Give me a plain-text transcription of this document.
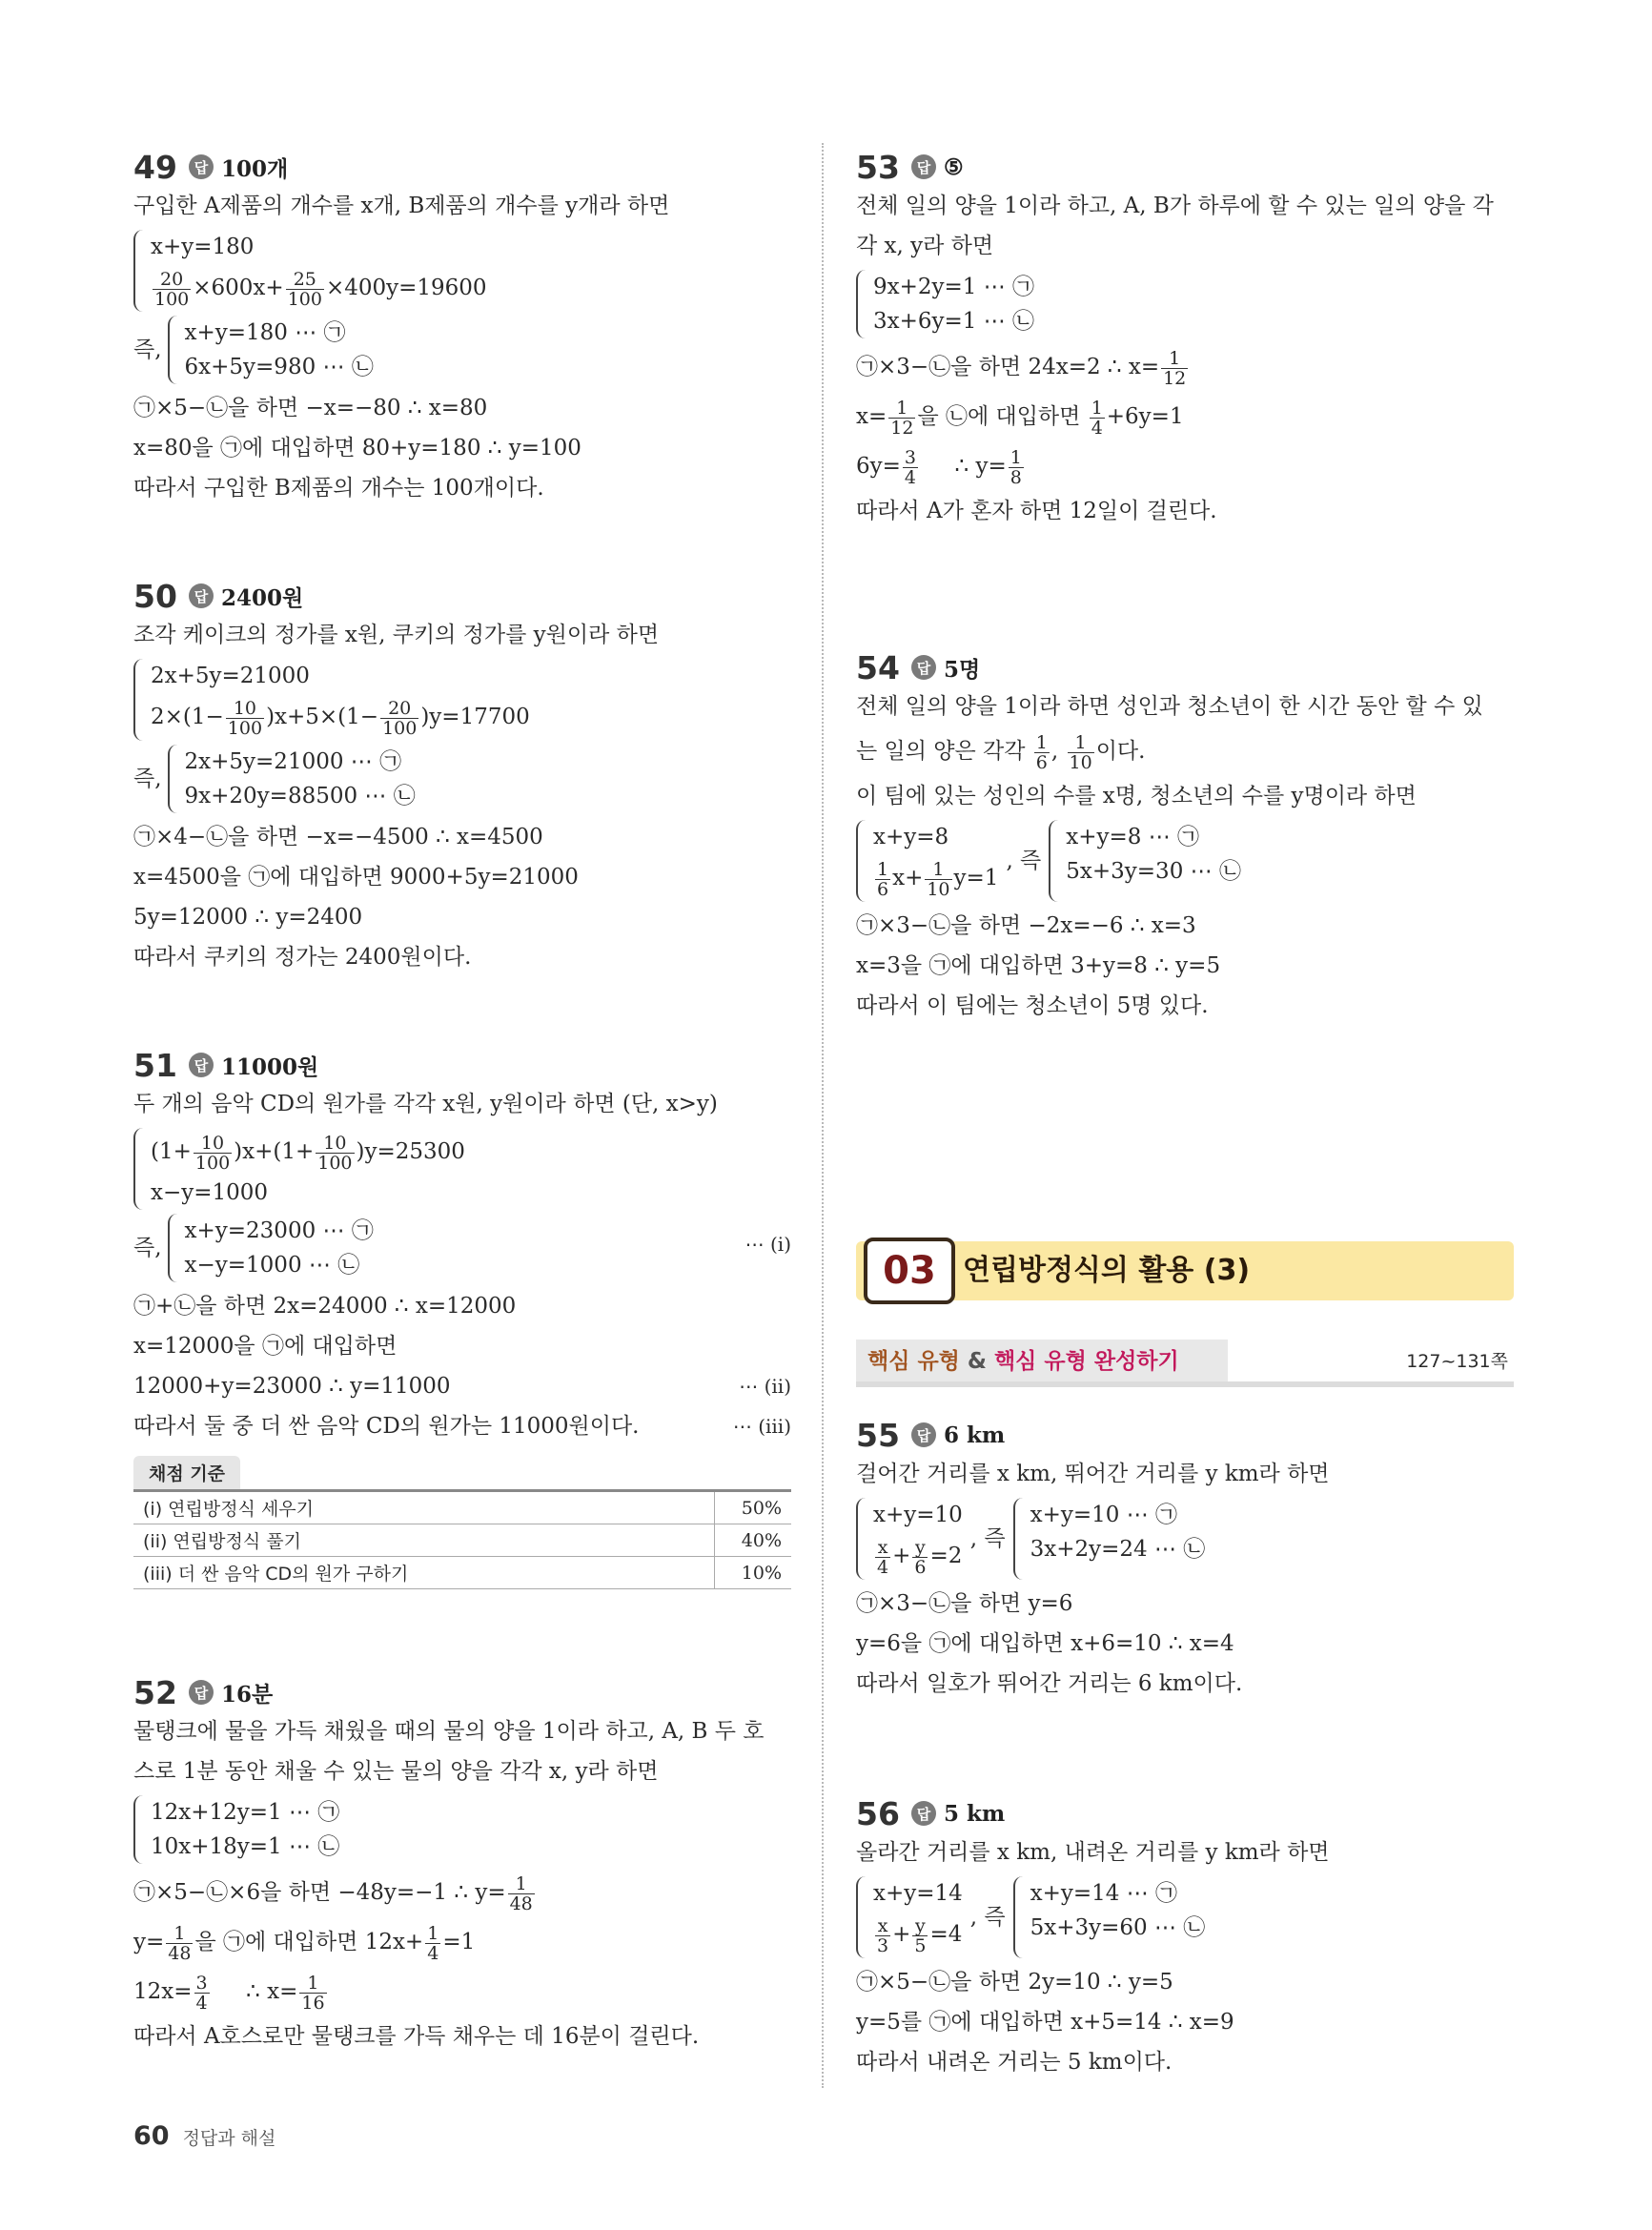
49	답 100개
구입한 A제품의 개수를 x개, B제품의 개수를 y개라 하면
x+y=180
$\frac{20}{100} \times 600x+ \frac{25}{100} \times 400y=19600$
즉,
x+y=180 ⋯ ㉠
6x+5y=980 ⋯ ㉡
㉠×5−㉡을 하면 −x=−80 ∴ x=80
x=80을 ㉠에 대입하면 80+y=180 ∴ y=100
따라서 구입한 B제품의 개수는 100개이다.
50	답 2400원
조각 케이크의 정가를 x원, 쿠키의 정가를 y원이라 하면
2x+5y=21000
$2\times(1- \frac{10}{100} )x+5\times(1- \frac{20}{100} )y=17700$
즉,
2x+5y=21000 ⋯ ㉠
9x+20y=88500 ⋯ ㉡
㉠×4−㉡을 하면 −x=−4500 ∴ x=4500
x=4500을 ㉠에 대입하면 9000+5y=21000
5y=12000 ∴ y=2400
따라서 쿠키의 정가는 2400원이다.
51	답 11000원
두 개의 음악 CD의 원가를 각각 x원, y원이라 하면 (단, x>y)
$(1+ \frac{10}{100} )x+(1+ \frac{10}{100} )y=25300$
x−y=1000
즉,
x+y=23000 ⋯ ㉠
x−y=1000 ⋯ ㉡
⋯ (i)
㉠+㉡을 하면 2x=24000 ∴ x=12000
x=12000을 ㉠에 대입하면
12000+y=23000 ∴ y=11000	⋯ (ii)
따라서 둘 중 더 싼 음악 CD의 원가는 11000원이다.	⋯ (iii)
채점 기준
(i) 연립방정식 세우기	50%
(ii) 연립방정식 풀기	40%
(iii) 더 싼 음악 CD의 원가 구하기	10%
52	답 16분
물탱크에 물을 가득 채웠을 때의 물의 양을 1이라 하고, A, B 두 호
스로 1분 동안 채울 수 있는 물의 양을 각각 x, y라 하면
12x+12y=1 ⋯ ㉠
10x+18y=1 ⋯ ㉡
㉠×5−㉡×6을 하면 −48y=−1 ∴ $y= \frac{1}{48}$
$y= \frac{1}{48}$ 을 ㉠에 대입하면 $12x+ \frac{1}{4} =1$
$12x= \frac{3}{4}$ ∴ $x= \frac{1}{16}$
따라서 A호스로만 물탱크를 가득 채우는 데 16분이 걸린다.
53	답 ⑤
전체 일의 양을 1이라 하고, A, B가 하루에 할 수 있는 일의 양을 각
각 x, y라 하면
9x+2y=1 ⋯ ㉠
3x+6y=1 ⋯ ㉡
㉠×3−㉡을 하면 24x=2 ∴ $x= \frac{1}{12}$
$x= \frac{1}{12}$ 을 ㉡에 대입하면 $\frac{1}{4} +6y=1$
$6y= \frac{3}{4}$ ∴ $y= \frac{1}{8}$
따라서 A가 혼자 하면 12일이 걸린다.
54	답 5명
전체 일의 양을 1이라 하면 성인과 청소년이 한 시간 동안 할 수 있
는 일의 양은 각각 $\frac{1}{6}$ , $\frac{1}{10}$ 이다.
이 팀에 있는 성인의 수를 x명, 청소년의 수를 y명이라 하면
x+y=8
$\frac{1}{6} x+ \frac{1}{10} y=1$
, 즉
x+y=8 ⋯ ㉠
5x+3y=30 ⋯ ㉡
㉠×3−㉡을 하면 −2x=−6 ∴ x=3
x=3을 ㉠에 대입하면 3+y=8 ∴ y=5
따라서 이 팀에는 청소년이 5명 있다.
03 연립방정식의 활용 (3)
핵심 유형 & 핵심 유형 완성하기	127~131쪽
55	답 6 km
걸어간 거리를 x km, 뛰어간 거리를 y km라 하면
x+y=10
$\frac{x}{4} + \frac{y}{6} =2$
, 즉
x+y=10 ⋯ ㉠
3x+2y=24 ⋯ ㉡
㉠×3−㉡을 하면 y=6
y=6을 ㉠에 대입하면 x+6=10 ∴ x=4
따라서 일호가 뛰어간 거리는 6 km이다.
56	답 5 km
올라간 거리를 x km, 내려온 거리를 y km라 하면
x+y=14
$\frac{x}{3} + \frac{y}{5} =4$
, 즉
x+y=14 ⋯ ㉠
5x+3y=60 ⋯ ㉡
㉠×5−㉡을 하면 2y=10 ∴ y=5
y=5를 ㉠에 대입하면 x+5=14 ∴ x=9
따라서 내려온 거리는 5 km이다.
60 정답과 해설
